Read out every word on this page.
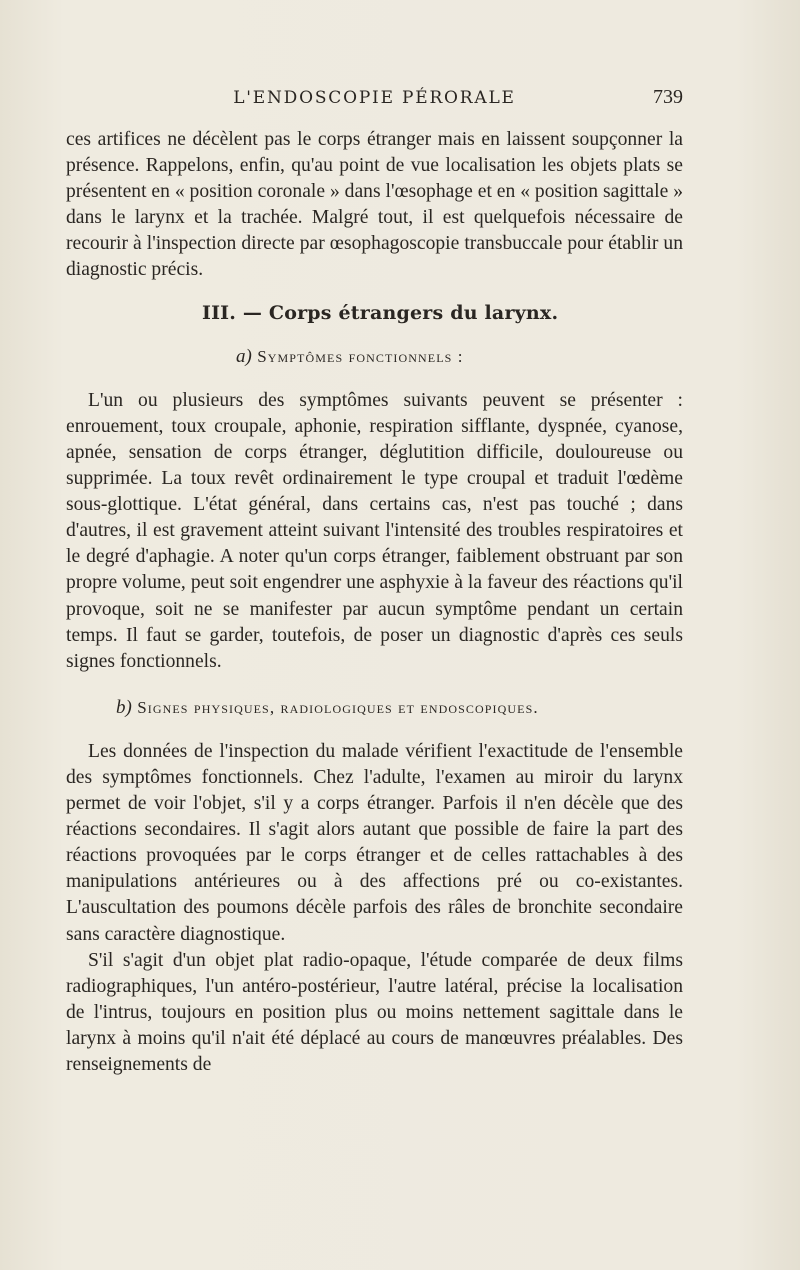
L'ENDOSCOPIE PÉRORALE	739

ces artifices ne décèlent pas le corps étranger mais en laissent soupçonner la présence. Rappelons, enfin, qu'au point de vue localisation les objets plats se présentent en « position coronale » dans l'œsophage et en « position sagittale » dans le larynx et la trachée. Malgré tout, il est quelquefois nécessaire de recourir à l'inspection directe par œsophagoscopie transbuccale pour établir un diagnostic précis.

III. — Corps étrangers du larynx.
a) Symptômes fonctionnels :

L'un ou plusieurs des symptômes suivants peuvent se présenter : enrouement, toux croupale, aphonie, respiration sifflante, dyspnée, cyanose, apnée, sensation de corps étranger, déglutition difficile, douloureuse ou supprimée. La toux revêt ordinairement le type croupal et traduit l'œdème sous-glottique. L'état général, dans certains cas, n'est pas touché ; dans d'autres, il est gravement atteint suivant l'intensité des troubles respiratoires et le degré d'aphagie. A noter qu'un corps étranger, faiblement obstruant par son propre volume, peut soit engendrer une asphyxie à la faveur des réactions qu'il provoque, soit ne se manifester par aucun symptôme pendant un certain temps. Il faut se garder, toutefois, de poser un diagnostic d'après ces seuls signes fonctionnels.

b) Signes physiques, radiologiques et endoscopiques.

Les données de l'inspection du malade vérifient l'exactitude de l'ensemble des symptômes fonctionnels. Chez l'adulte, l'examen au miroir du larynx permet de voir l'objet, s'il y a corps étranger. Parfois il n'en décèle que des réactions secondaires. Il s'agit alors autant que possible de faire la part des réactions provoquées par le corps étranger et de celles rattachables à des manipulations antérieures ou à des affections pré ou co-existantes. L'auscultation des poumons décèle parfois des râles de bronchite secondaire sans caractère diagnostique.

S'il s'agit d'un objet plat radio-opaque, l'étude comparée de deux films radiographiques, l'un antéro-postérieur, l'autre latéral, précise la localisation de l'intrus, toujours en position plus ou moins nettement sagittale dans le larynx à moins qu'il n'ait été déplacé au cours de manœuvres préalables. Des renseignements de
